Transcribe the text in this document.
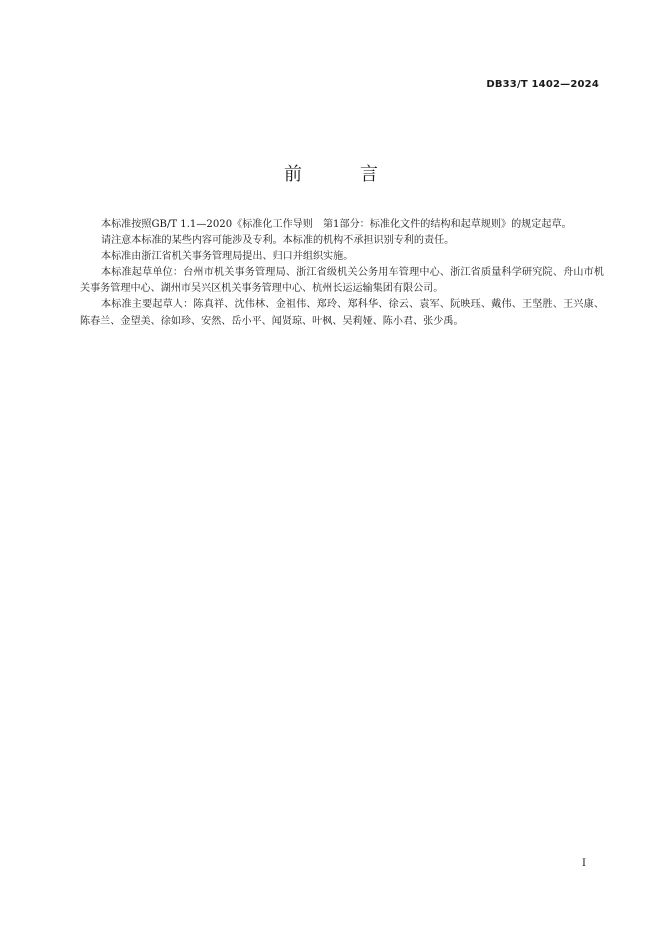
DB33/T 1402—2024
前　言

本标准按照GB/T 1.1—2020《标准化工作导则　第1部分：标准化文件的结构和起草规则》的规定起草。

请注意本标准的某些内容可能涉及专利。本标准的机构不承担识别专利的责任。

本标准由浙江省机关事务管理局提出、归口并组织实施。

本标准起草单位：台州市机关事务管理局、浙江省级机关公务用车管理中心、浙江省质量科学研究院、舟山市机关事务管理中心、湖州市吴兴区机关事务管理中心、杭州长运运输集团有限公司。

本标准主要起草人：陈真祥、沈伟林、金祖伟、郑玲、郑科华、徐云、袁军、阮映珏、戴伟、王坚胜、王兴康、陈春兰、金望美、徐如珍、安然、岳小平、闻贤琼、叶枫、吴莉娅、陈小君、张少禹。

I
